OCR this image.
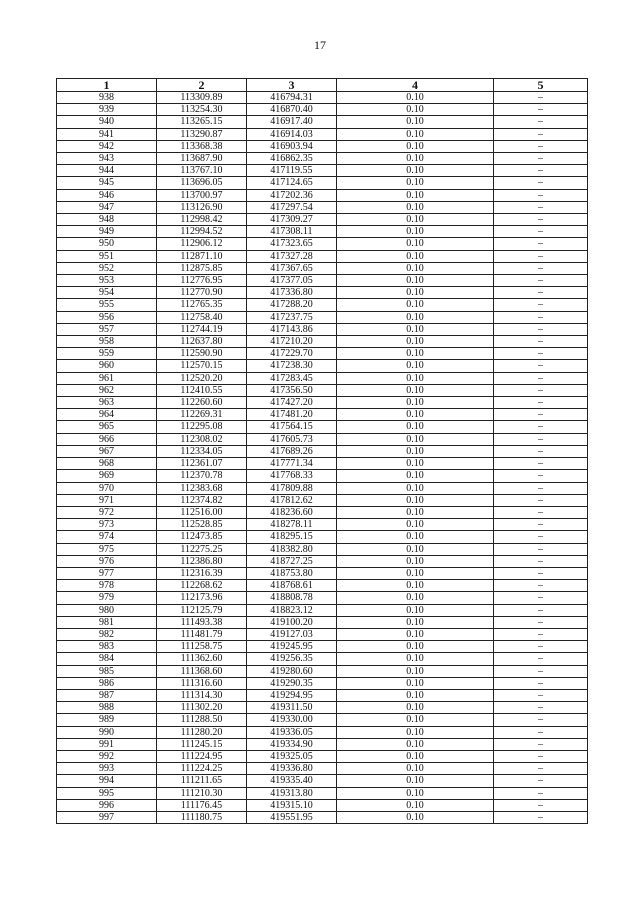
17
1	2	3	4	5
938	113309.89	416794.31	0.10	–
939	113254.30	416870.40	0.10	–
940	113265.15	416917.40	0.10	–
941	113290.87	416914.03	0.10	–
942	113368.38	416903.94	0.10	–
943	113687.90	416862.35	0.10	–
944	113767.10	417119.55	0.10	–
945	113696.05	417124.65	0.10	–
946	113700.97	417202.36	0.10	–
947	113126.90	417297.54	0.10	–
948	112998.42	417309.27	0.10	–
949	112994.52	417308.11	0.10	–
950	112906.12	417323.65	0.10	–
951	112871.10	417327.28	0.10	–
952	112875.85	417367.65	0.10	–
953	112776.95	417377.05	0.10	–
954	112770.90	417336.80	0.10	–
955	112765.35	417288.20	0.10	–
956	112758.40	417237.75	0.10	–
957	112744.19	417143.86	0.10	–
958	112637.80	417210.20	0.10	–
959	112590.90	417229.70	0.10	–
960	112570.15	417238.30	0.10	–
961	112520.20	417283.45	0.10	–
962	112410.55	417356.50	0.10	–
963	112260.60	417427.20	0.10	–
964	112269.31	417481.20	0.10	–
965	112295.08	417564.15	0.10	–
966	112308.02	417605.73	0.10	–
967	112334.05	417689.26	0.10	–
968	112361.07	417771.34	0.10	–
969	112370.78	417768.33	0.10	–
970	112383.68	417809.88	0.10	–
971	112374.82	417812.62	0.10	–
972	112516.00	418236.60	0.10	–
973	112528.85	418278.11	0.10	–
974	112473.85	418295.15	0.10	–
975	112275.25	418382.80	0.10	–
976	112386.80	418727.25	0.10	–
977	112316.39	418753.80	0.10	–
978	112268.62	418768.61	0.10	–
979	112173.96	418808.78	0.10	–
980	112125.79	418823.12	0.10	–
981	111493.38	419100.20	0.10	–
982	111481.79	419127.03	0.10	–
983	111258.75	419245.95	0.10	–
984	111362.60	419256.35	0.10	–
985	111368.60	419280.60	0.10	–
986	111316.60	419290.35	0.10	–
987	111314.30	419294.95	0.10	–
988	111302.20	419311.50	0.10	–
989	111288.50	419330.00	0.10	–
990	111280.20	419336.05	0.10	–
991	111245.15	419334.90	0.10	–
992	111224.95	419325.05	0.10	–
993	111224.25	419336.80	0.10	–
994	111211.65	419335.40	0.10	–
995	111210.30	419313.80	0.10	–
996	111176.45	419315.10	0.10	–
997	111180.75	419551.95	0.10	–
